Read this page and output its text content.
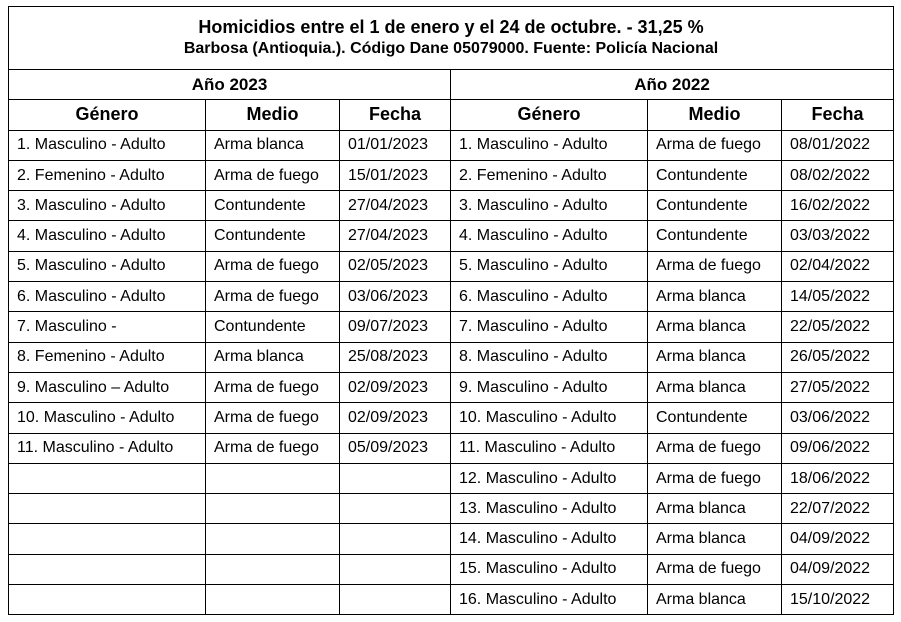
Homicidios entre el 1 de enero y el 24 de octubre. - 31,25 %
Barbosa (Antioquia.). Código Dane 05079000. Fuente: Policía Nacional					

Año 2023			Año 2022		
Género	Medio	Fecha	Género	Medio	Fecha
1. Masculino - Adulto	Arma blanca	01/01/2023	1. Masculino - Adulto	Arma de fuego	08/01/2022
2. Femenino - Adulto	Arma de fuego	15/01/2023	2. Femenino - Adulto	Contundente	08/02/2022
3. Masculino - Adulto	Contundente	27/04/2023	3. Masculino - Adulto	Contundente	16/02/2022
4. Masculino - Adulto	Contundente	27/04/2023	4. Masculino - Adulto	Contundente	03/03/2022
5. Masculino - Adulto	Arma de fuego	02/05/2023	5. Masculino - Adulto	Arma de fuego	02/04/2022
6. Masculino - Adulto	Arma de fuego	03/06/2023	6. Masculino - Adulto	Arma blanca	14/05/2022
7. Masculino -	Contundente	09/07/2023	7. Masculino - Adulto	Arma blanca	22/05/2022
8. Femenino - Adulto	Arma blanca	25/08/2023	8. Masculino - Adulto	Arma blanca	26/05/2022
9. Masculino – Adulto	Arma de fuego	02/09/2023	9. Masculino - Adulto	Arma blanca	27/05/2022
10. Masculino - Adulto	Arma de fuego	02/09/2023	10. Masculino - Adulto	Contundente	03/06/2022
11. Masculino - Adulto	Arma de fuego	05/09/2023	11. Masculino - Adulto	Arma de fuego	09/06/2022
			12. Masculino - Adulto	Arma de fuego	18/06/2022
			13. Masculino - Adulto	Arma blanca	22/07/2022
			14. Masculino - Adulto	Arma blanca	04/09/2022
			15. Masculino - Adulto	Arma de fuego	04/09/2022
			16. Masculino - Adulto	Arma blanca	15/10/2022
